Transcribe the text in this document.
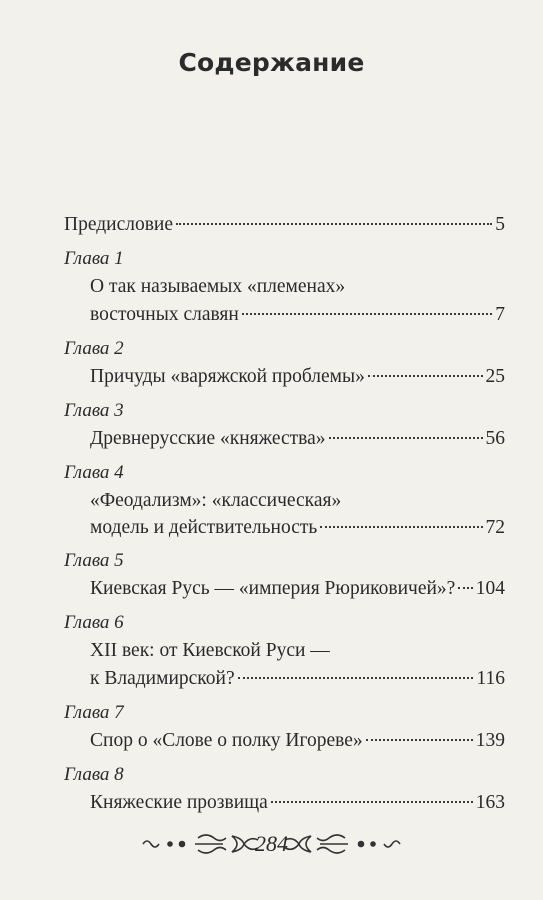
Содержание
Предисловие	5
Глава 1
О так называемых «племенах»
восточных славян	7
Глава 2
Причуды «варяжской проблемы»	25
Глава 3
Древнерусские «княжества»	56
Глава 4
«Феодализм»: «классическая»
модель и действительность	72
Глава 5
Киевская Русь — «империя Рюриковичей»? 104
Глава 6
XII век: от Киевской Руси —
к Владимирской?	116
Глава 7
Спор о «Слове о полку Игореве»	139
Глава 8
Княжеские прозвища	163
284
